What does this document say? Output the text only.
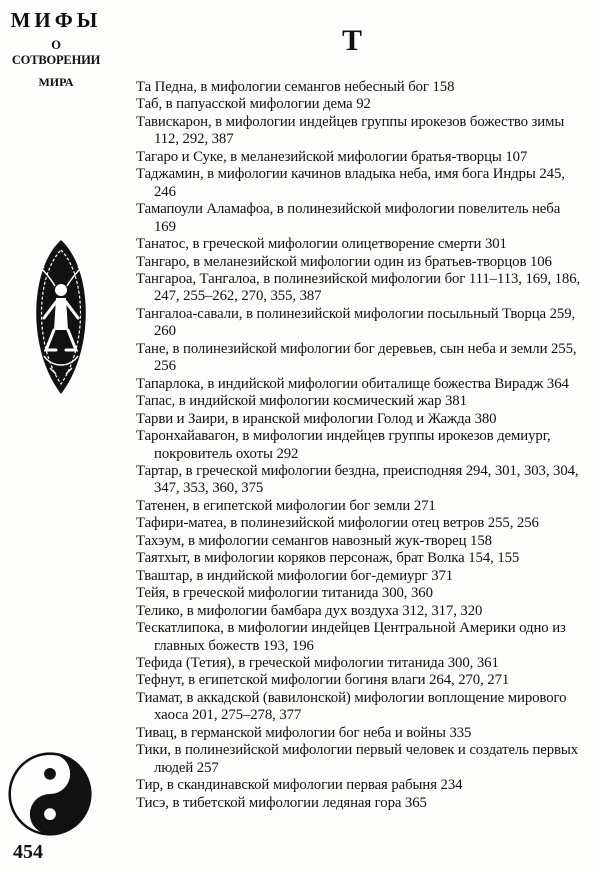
МИФЫ
О СОТВОРЕНИИ
МИРА
Т
454

Та Педна, в мифологии семангов небесный бог 158

Таб, в папуасской мифологии дема 92

Тавискарон, в мифологии индейцев группы ирокезов божество зимы 112, 292, 387

Тагаро и Суке, в меланезийской мифологии братья-творцы 107

Таджамин, в мифологии качинов владыка неба, имя бога Индры 245, 246

Тамапоули Аламафоа, в полинезийской мифологии повелитель неба 169

Танатос, в греческой мифологии олицетворение смерти 301

Тангаро, в меланезийской мифологии один из братьев-творцов 106

Тангароа, Тангалоа, в полинезийской мифологии бог 111–113, 169, 186, 247, 255–262, 270, 355, 387

Тангалоа-савали, в полинезийской мифологии посыльный Творца 259, 260

Тане, в полинезийской мифологии бог деревьев, сын неба и земли 255, 256

Тапарлока, в индийской мифологии обиталище божества Вирадж 364

Тапас, в индийской мифологии космический жар 381

Тарви и Заири, в иранской мифологии Голод и Жажда 380

Таронхайавагон, в мифологии индейцев группы ирокезов демиург, покровитель охоты 292

Тартар, в греческой мифологии бездна, преисподняя 294, 301, 303, 304, 347, 353, 360, 375

Татенен, в египетской мифологии бог земли 271

Тафири-матеа, в полинезийской мифологии отец ветров 255, 256

Тахэум, в мифологии семангов навозный жук-творец 158

Таятхыт, в мифологии коряков персонаж, брат Волка 154, 155

Твaштар, в индийской мифологии бог-демиург 371

Тейя, в греческой мифологии титанида 300, 360

Телико, в мифологии бамбара дух воздуха 312, 317, 320

Тескатлипока, в мифологии индейцев Центральной Америки одно из главных божеств 193, 196

Тефида (Тетия), в греческой мифологии титанида 300, 361

Тефнут, в египетской мифологии богиня влаги 264, 270, 271

Тиамат, в аккадской (вавилонской) мифологии воплощение мирового хаоса 201, 275–278, 377

Тивац, в германской мифологии бог неба и войны 335

Тики, в полинезийской мифологии первый человек и создатель первых людей 257

Тир, в скандинавской мифологии первая рабыня 234

Тисэ, в тибетской мифологии ледяная гора 365
